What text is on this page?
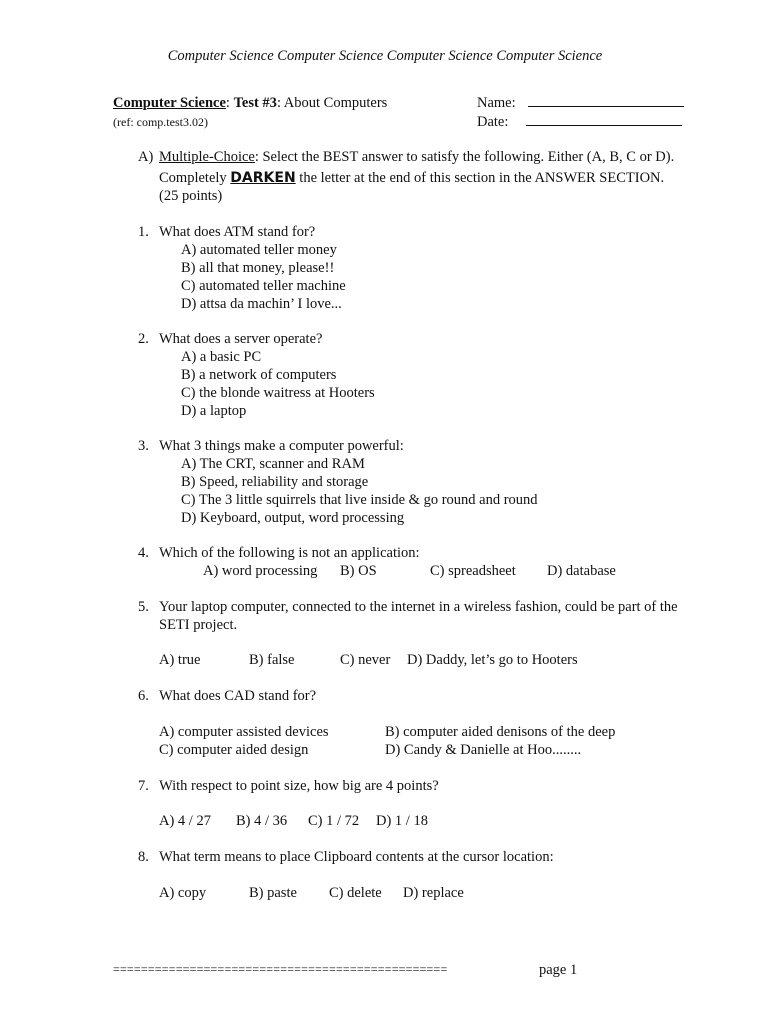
Computer Science Computer Science Computer Science Computer Science
Computer Science: Test #3: About Computers
(ref: comp.test3.02)
Name:
Date:
A) Multiple-Choice: Select the BEST answer to satisfy the following. Either (A, B, C or D).
Completely DARKEN the letter at the end of this section in the ANSWER SECTION.
(25 points)
1. What does ATM stand for?
A) automated teller money
B) all that money, please!!
C) automated teller machine
D) attsa da machin’ I love...
2. What does a server operate?
A) a basic PC
B) a network of computers
C) the blonde waitress at Hooters
D) a laptop
3. What 3 things make a computer powerful:
A) The CRT, scanner and RAM
B) Speed, reliability and storage
C) The 3 little squirrels that live inside & go round and round
D) Keyboard, output, word processing
4. Which of the following is not an application:
A) word processing B) OS	C) spreadsheet D) database
5. Your laptop computer, connected to the internet in a wireless fashion, could be part of the
SETI project.
A) true	B) false	C) never D) Daddy, let’s go to Hooters
6. What does CAD stand for?
A) computer assisted devices	B) computer aided denisons of the deep
C) computer aided design	D) Candy & Danielle at Hoo........
7. With respect to point size, how big are 4 points?
A) 4 / 27 B) 4 / 36 C) 1 / 72 D) 1 / 18
8. What term means to place Clipboard contents at the cursor location:
A) copy	B) paste C) delete D) replace
================================================	page 1
